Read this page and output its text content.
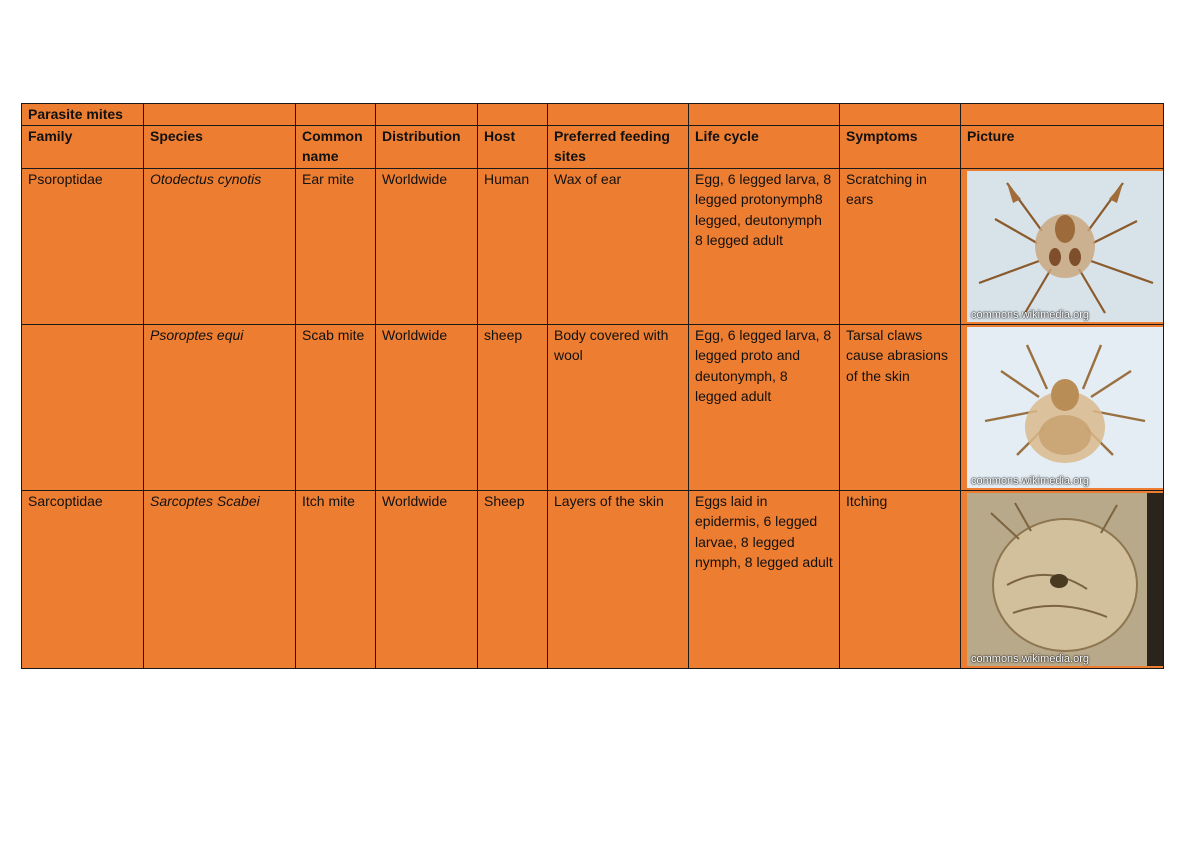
Parasite mites								
Family	Species	Common name	Distribution	Host	Preferred feeding sites	Life cycle	Symptoms	Picture
Psoroptidae	Otodectus cynotis	Ear mite	Worldwide	Human	Wax of ear	Egg, 6 legged larva, 8 legged protonymph8 legged, deutonymph 8 legged adult	Scratching in ears	commons.wikimedia.org

	Psoroptes equi	Scab mite	Worldwide	sheep	Body covered with wool	Egg, 6 legged larva, 8 legged proto and deutonymph, 8 legged adult	Tarsal claws cause abrasions of the skin	commons.wikimedia.org

Sarcoptidae	Sarcoptes Scabei	Itch mite	Worldwide	Sheep	Layers of the skin	Eggs laid in epidermis, 6 legged larvae, 8 legged nymph, 8 legged adult	Itching	commons.wikimedia.org
